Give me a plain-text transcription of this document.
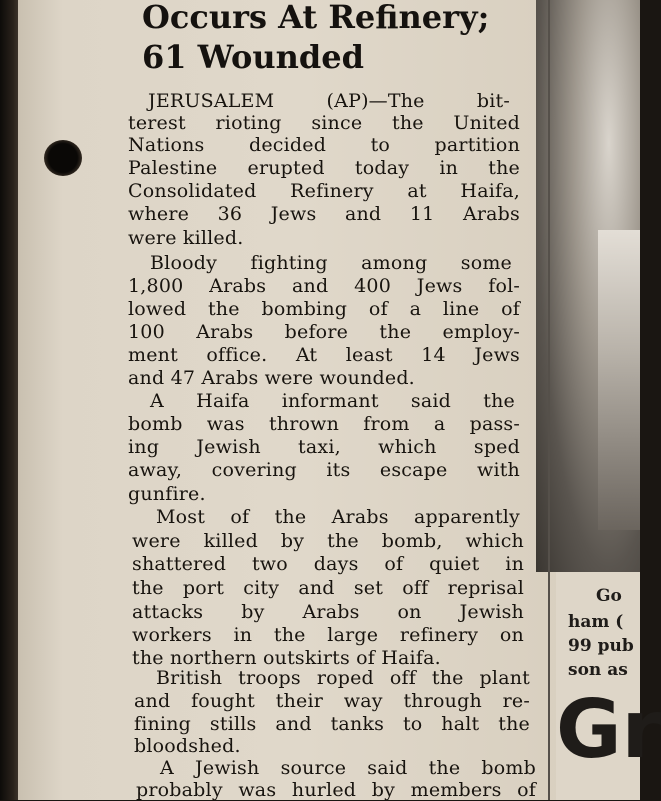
Occurs At Refinery;
61 Wounded
JERUSALEM (AP)—The bit-
terest rioting since the United
Nations decided to partition
Palestine erupted today in the
Consolidated Refinery at Haifa,
where 36 Jews and 11 Arabs
were killed.
Bloody fighting among some
1,800 Arabs and 400 Jews fol-
lowed the bombing of a line of
100 Arabs before the employ-
ment office. At least 14 Jews
and 47 Arabs were wounded.
A Haifa informant said the
bomb was thrown from a pass-
ing Jewish taxi, which sped
away, covering its escape with
gunfire.
Most of the Arabs apparently
were killed by the bomb, which
shattered two days of quiet in
the port city and set off reprisal
attacks by Arabs on Jewish
workers in the large refinery on
the northern outskirts of Haifa.
British troops roped off the plant
and fought their way through re-
fining stills and tanks to halt the
bloodshed.
A Jewish source said the bomb
probably was hurled by members of
Go
ham (
99 pub
son as
Gr
